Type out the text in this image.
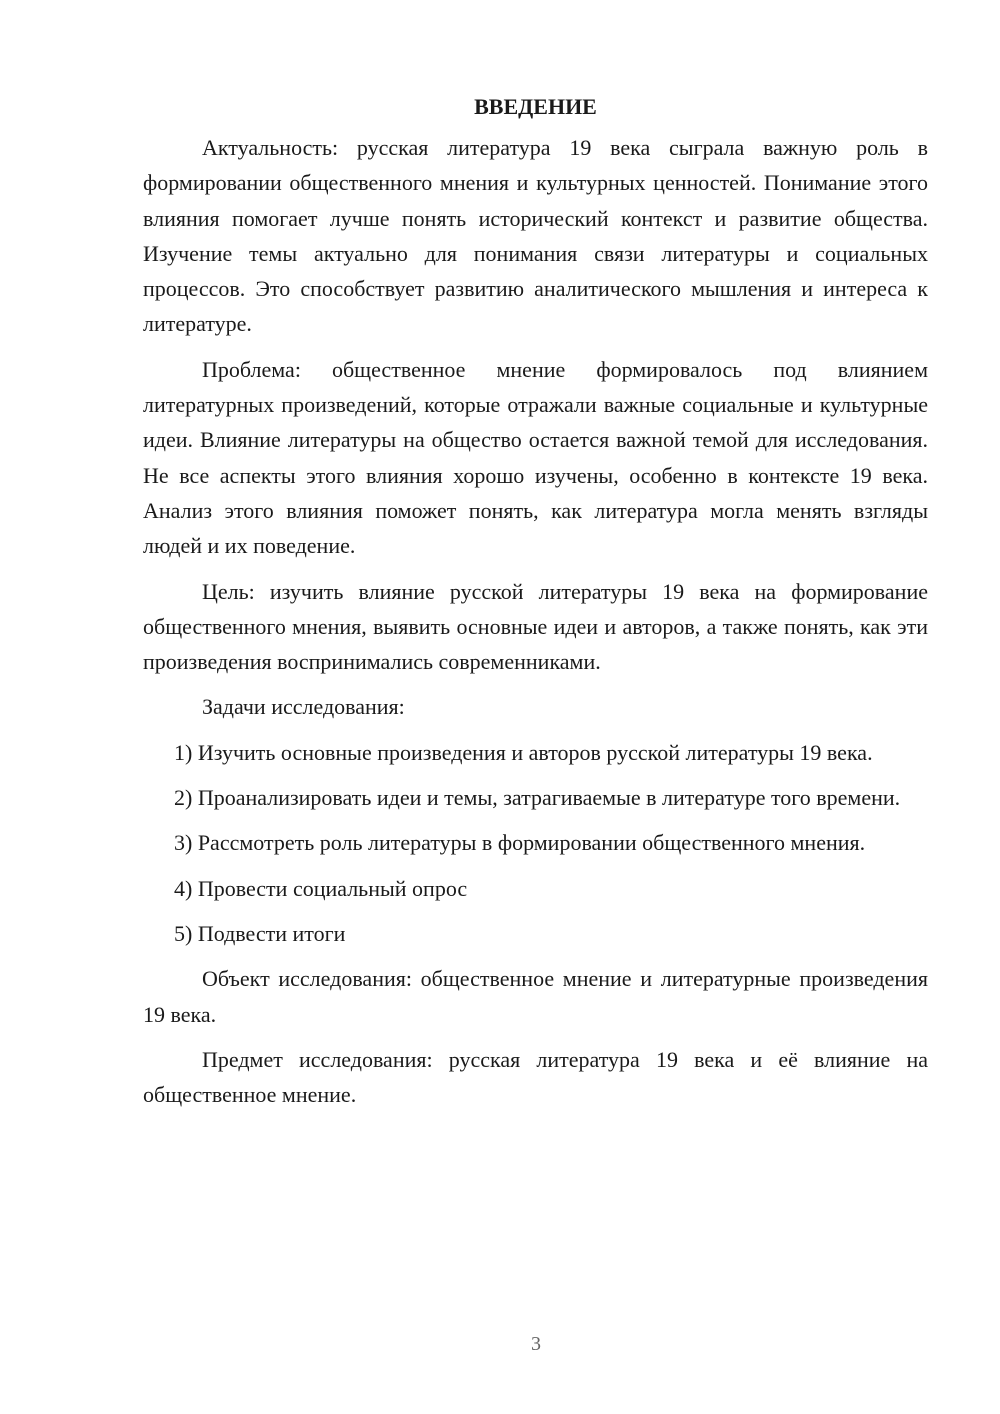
ВВЕДЕНИЕ

Актуальность: русская литература 19 века сыграла важную роль в формировании общественного мнения и культурных ценностей. Понимание этого влияния помогает лучше понять исторический контекст и развитие общества. Изучение темы актуально для понимания связи литературы и социальных процессов. Это способствует развитию аналитического мышления и интереса к литературе.

Проблема: общественное мнение формировалось под влиянием литературных произведений, которые отражали важные социальные и культурные идеи. Влияние литературы на общество остается важной темой для исследования. Не все аспекты этого влияния хорошо изучены, особенно в контексте 19 века. Анализ этого влияния поможет понять, как литература могла менять взгляды людей и их поведение.

Цель: изучить влияние русской литературы 19 века на формирование общественного мнения, выявить основные идеи и авторов, а также понять, как эти произведения воспринимались современниками.

Задачи исследования:

1) Изучить основные произведения и авторов русской литературы 19 века.

2) Проанализировать идеи и темы, затрагиваемые в литературе того времени.

3) Рассмотреть роль литературы в формировании общественного мнения.

4) Провести социальный опрос

5) Подвести итоги

Объект исследования: общественное мнение и литературные произведения 19 века.

Предмет исследования: русская литература 19 века и её влияние на общественное мнение.

3
